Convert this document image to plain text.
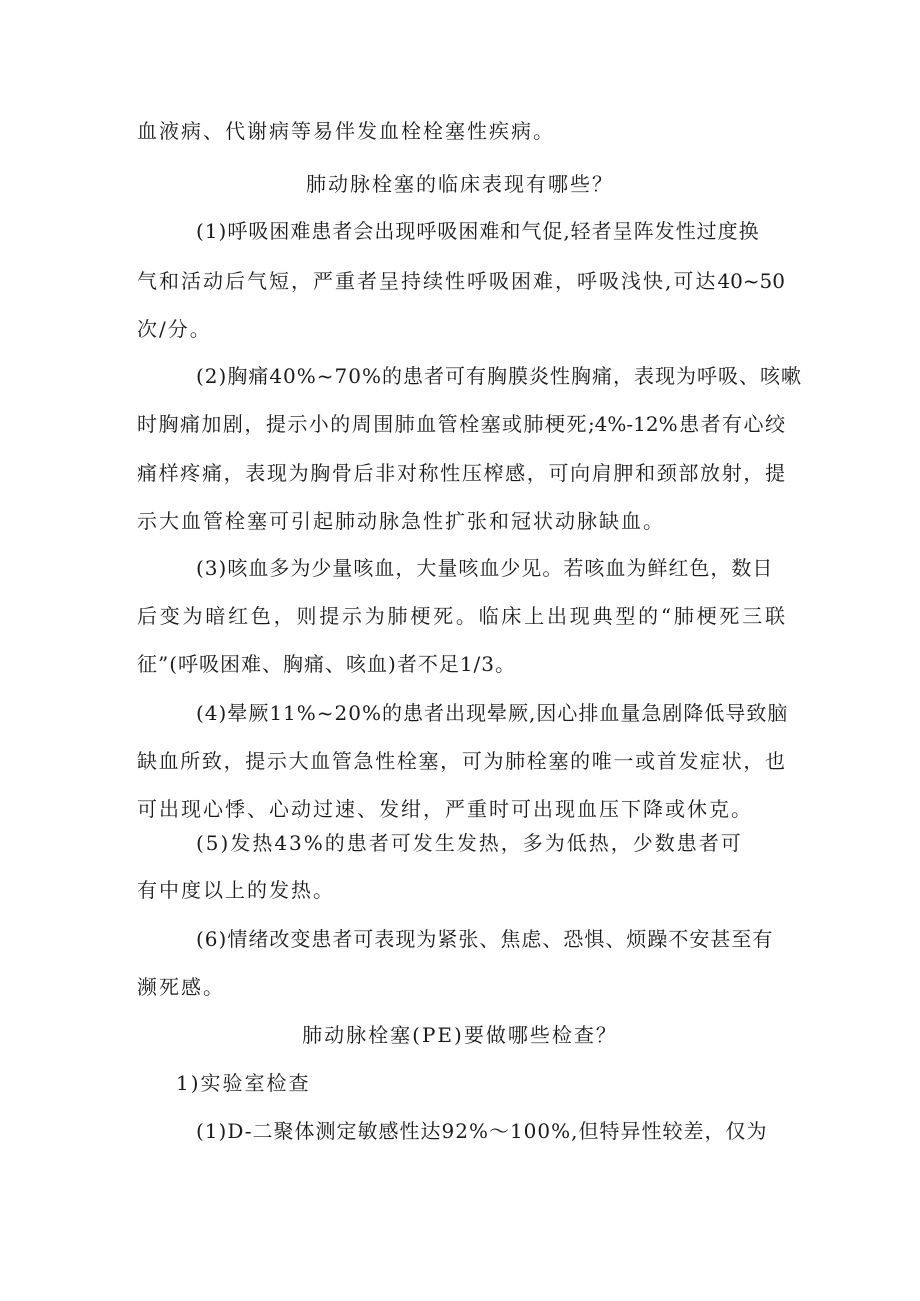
血液病、代谢病等易伴发血栓栓塞性疾病。

肺动脉栓塞的临床表现有哪些？

(1)呼吸困难患者会出现呼吸困难和气促,轻者呈阵发性过度换

气和活动后气短，严重者呈持续性呼吸困难，呼吸浅快,可达40~50

次/分。

(2)胸痛40%~70%的患者可有胸膜炎性胸痛，表现为呼吸、咳嗽

时胸痛加剧，提示小的周围肺血管栓塞或肺梗死;4%-12%患者有心绞

痛样疼痛，表现为胸骨后非对称性压榨感，可向肩胛和颈部放射，提

示大血管栓塞可引起肺动脉急性扩张和冠状动脉缺血。

(3)咳血多为少量咳血，大量咳血少见。若咳血为鲜红色，数日

后变为暗红色，则提示为肺梗死。临床上出现典型的“肺梗死三联

征”(呼吸困难、胸痛、咳血)者不足1/3。

(4)晕厥11%~20%的患者出现晕厥,因心排血量急剧降低导致脑

缺血所致，提示大血管急性栓塞，可为肺栓塞的唯一或首发症状，也

可出现心悸、心动过速、发绀，严重时可出现血压下降或休克。

(5)发热43%的患者可发生发热，多为低热，少数患者可

有中度以上的发热。

(6)情绪改变患者可表现为紧张、焦虑、恐惧、烦躁不安甚至有

濒死感。

肺动脉栓塞(PE)要做哪些检查？

1)实验室检查

(1)D-二聚体测定敏感性达92%～100%,但特异性较差，仅为
